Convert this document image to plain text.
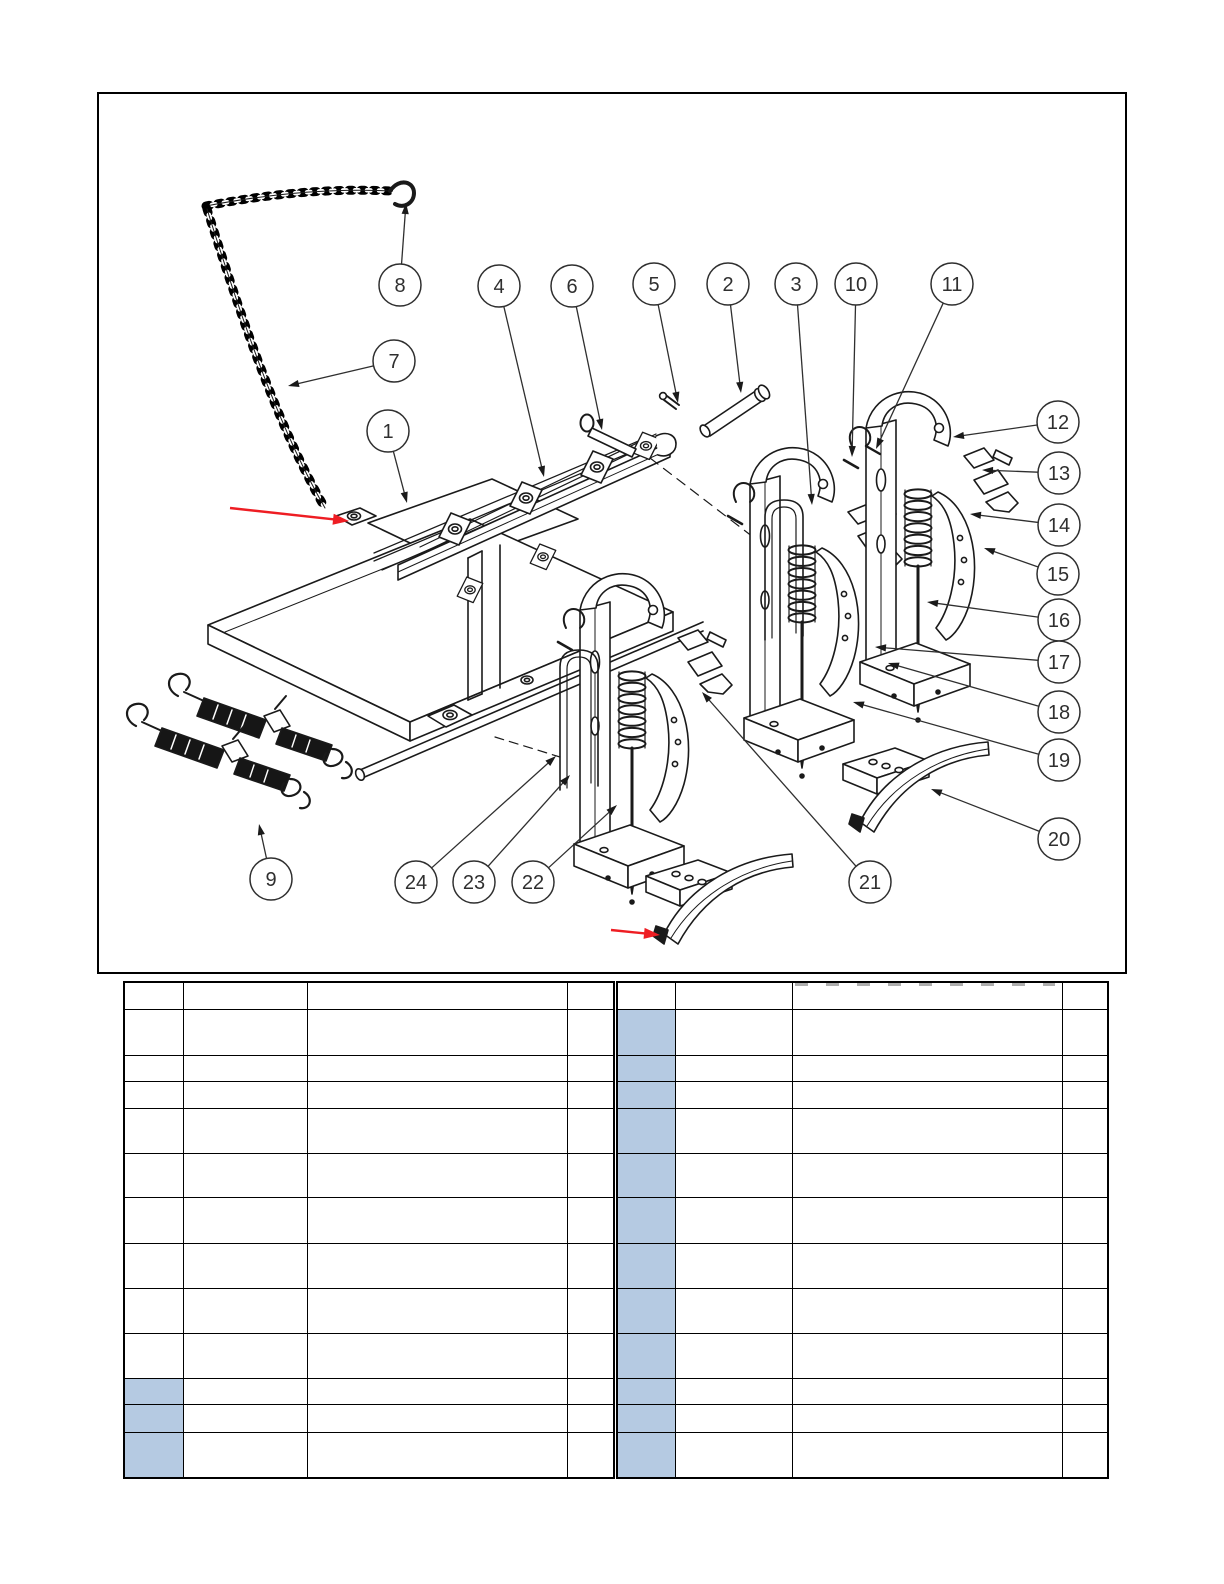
1
2	3
4	5
6
7
8
9
10	11
12
13
14
15
16
17
18
19
20
21
22
23
24
